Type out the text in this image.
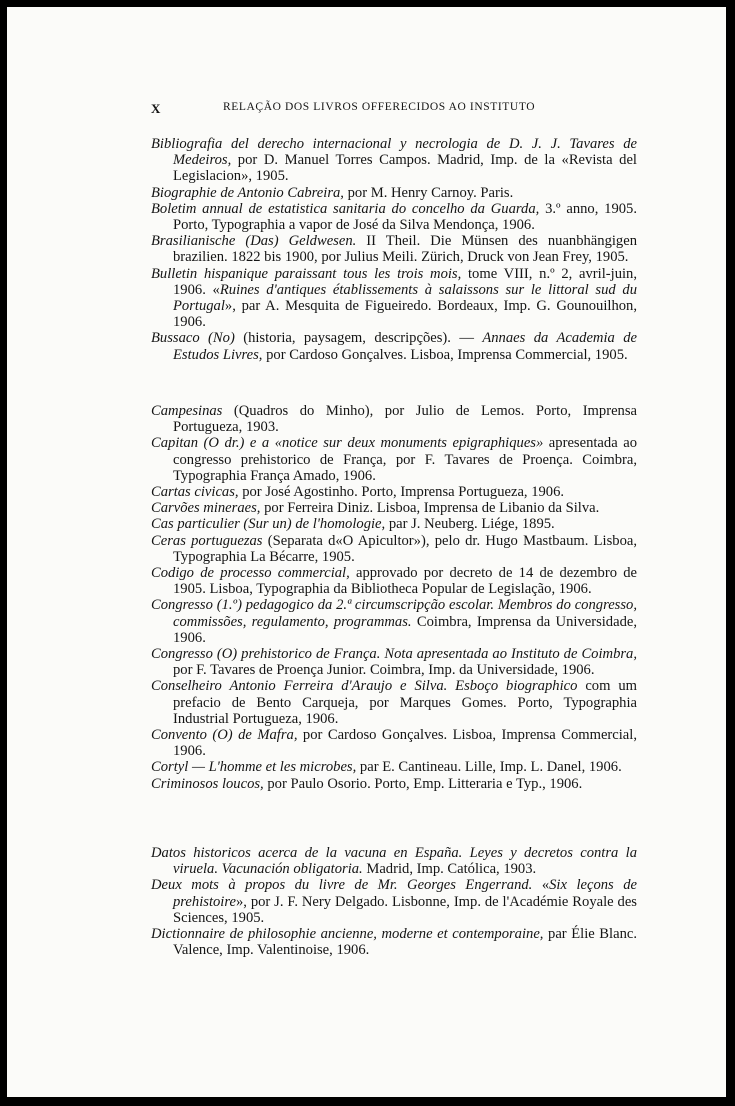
X	RELAÇÃO DOS LIVROS OFFERECIDOS AO INSTITUTO
Bibliografia del derecho internacional y necrologia de D. J. J. Tavares de Medeiros, por D. Manuel Torres Campos. Madrid, Imp. de la «Revista del Legislacion», 1905.
Biographie de Antonio Cabreira, por M. Henry Carnoy. Paris.
Boletim annual de estatistica sanitaria do concelho da Guarda, 3.º anno, 1905. Porto, Typographia a vapor de José da Silva Mendonça, 1906.
Brasilianische (Das) Geldwesen. II Theil. Die Münsen des nuanbhängigen brazilien. 1822 bis 1900, por Julius Meili. Zürich, Druck von Jean Frey, 1905.
Bulletin hispanique paraissant tous les trois mois, tome VIII, n.º 2, avril-juin, 1906. «Ruines d'antiques établissements à salaissons sur le littoral sud du Portugal», par A. Mesquita de Figueiredo. Bordeaux, Imp. G. Gounouilhon, 1906.
Bussaco (No) (historia, paysagem, descripções). — Annaes da Academia de Estudos Livres, por Cardoso Gonçalves. Lisboa, Imprensa Commercial, 1905.
Campesinas (Quadros do Minho), por Julio de Lemos. Porto, Imprensa Portugueza, 1903.
Capitan (O dr.) e a «notice sur deux monuments epigraphiques» apresentada ao congresso prehistorico de França, por F. Tavares de Proença. Coimbra, Typographia França Amado, 1906.
Cartas civicas, por José Agostinho. Porto, Imprensa Portugueza, 1906.
Carvões mineraes, por Ferreira Diniz. Lisboa, Imprensa de Libanio da Silva.
Cas particulier (Sur un) de l'homologie, par J. Neuberg. Liége, 1895.
Ceras portuguezas (Separata d«O Apicultor»), pelo dr. Hugo Mastbaum. Lisboa, Typographia La Bécarre, 1905.
Codigo de processo commercial, approvado por decreto de 14 de dezembro de 1905. Lisboa, Typographia da Bibliotheca Popular de Legislação, 1906.
Congresso (1.º) pedagogico da 2.ª circumscripção escolar. Membros do congresso, commissões, regulamento, programmas. Coimbra, Imprensa da Universidade, 1906.
Congresso (O) prehistorico de França. Nota apresentada ao Instituto de Coimbra, por F. Tavares de Proença Junior. Coimbra, Imp. da Universidade, 1906.
Conselheiro Antonio Ferreira d'Araujo e Silva. Esboço biographico com um prefacio de Bento Carqueja, por Marques Gomes. Porto, Typographia Industrial Portugueza, 1906.
Convento (O) de Mafra, por Cardoso Gonçalves. Lisboa, Imprensa Commercial, 1906.
Cortyl — L'homme et les microbes, par E. Cantineau. Lille, Imp. L. Danel, 1906.
Criminosos loucos, por Paulo Osorio. Porto, Emp. Litteraria e Typ., 1906.
Datos historicos acerca de la vacuna en España. Leyes y decretos contra la viruela. Vacunación obligatoria. Madrid, Imp. Católica, 1903.
Deux mots à propos du livre de Mr. Georges Engerrand. «Six leçons de prehistoire», por J. F. Nery Delgado. Lisbonne, Imp. de l'Académie Royale des Sciences, 1905.
Dictionnaire de philosophie ancienne, moderne et contemporaine, par Élie Blanc. Valence, Imp. Valentinoise, 1906.
